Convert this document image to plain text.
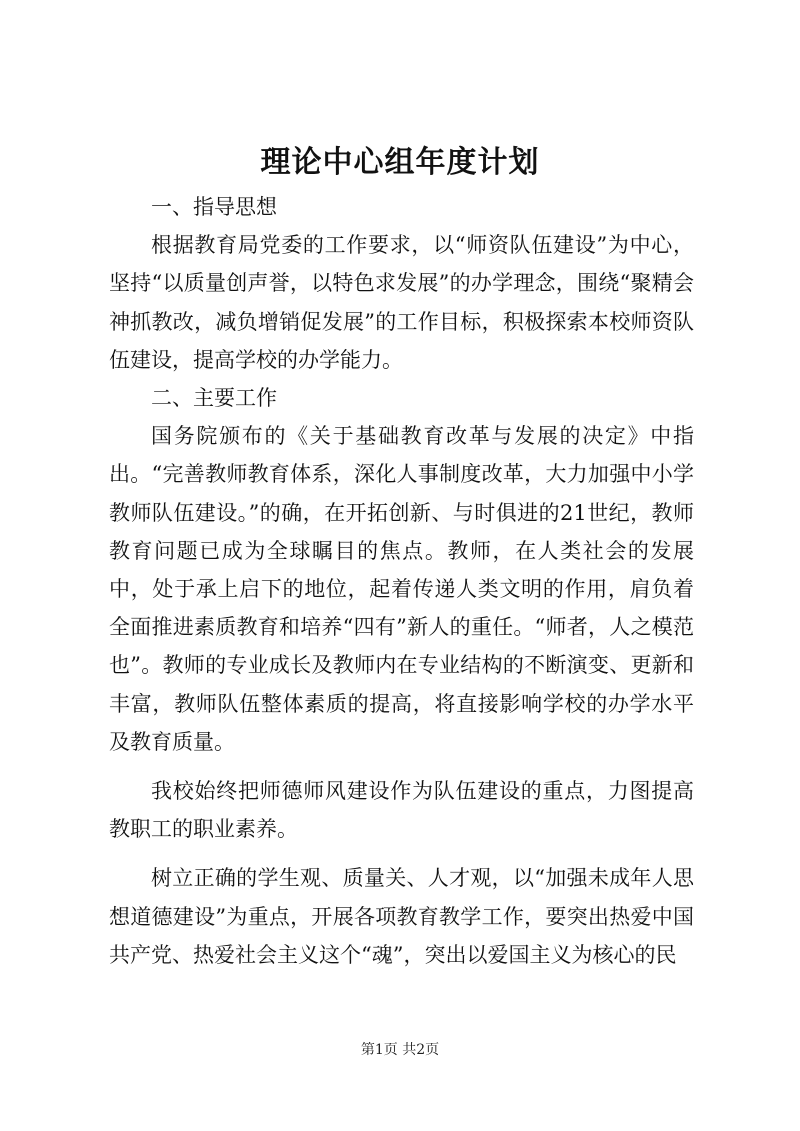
理论中心组年度计划

一、指导思想

根据教育局党委的工作要求，以“师资队伍建设”为中心，坚持“以质量创声誉，以特色求发展”的办学理念，围绕“聚精会神抓教改，减负增销促发展”的工作目标，积极探索本校师资队伍建设，提高学校的办学能力。

二、主要工作

国务院颁布的《关于基础教育改革与发展的决定》中指出。“完善教师教育体系，深化人事制度改革，大力加强中小学教师队伍建设。”的确，在开拓创新、与时俱进的21世纪，教师教育问题已成为全球瞩目的焦点。教师，在人类社会的发展中，处于承上启下的地位，起着传递人类文明的作用，肩负着全面推进素质教育和培养“四有”新人的重任。“师者，人之模范也”。教师的专业成长及教师内在专业结构的不断演变、更新和丰富，教师队伍整体素质的提高，将直接影响学校的办学水平及教育质量。

我校始终把师德师风建设作为队伍建设的重点，力图提高教职工的职业素养。

树立正确的学生观、质量关、人才观，以“加强未成年人思想道德建设”为重点，开展各项教育教学工作，要突出热爱中国共产党、热爱社会主义这个“魂”，突出以爱国主义为核心的民

第1页 共2页
